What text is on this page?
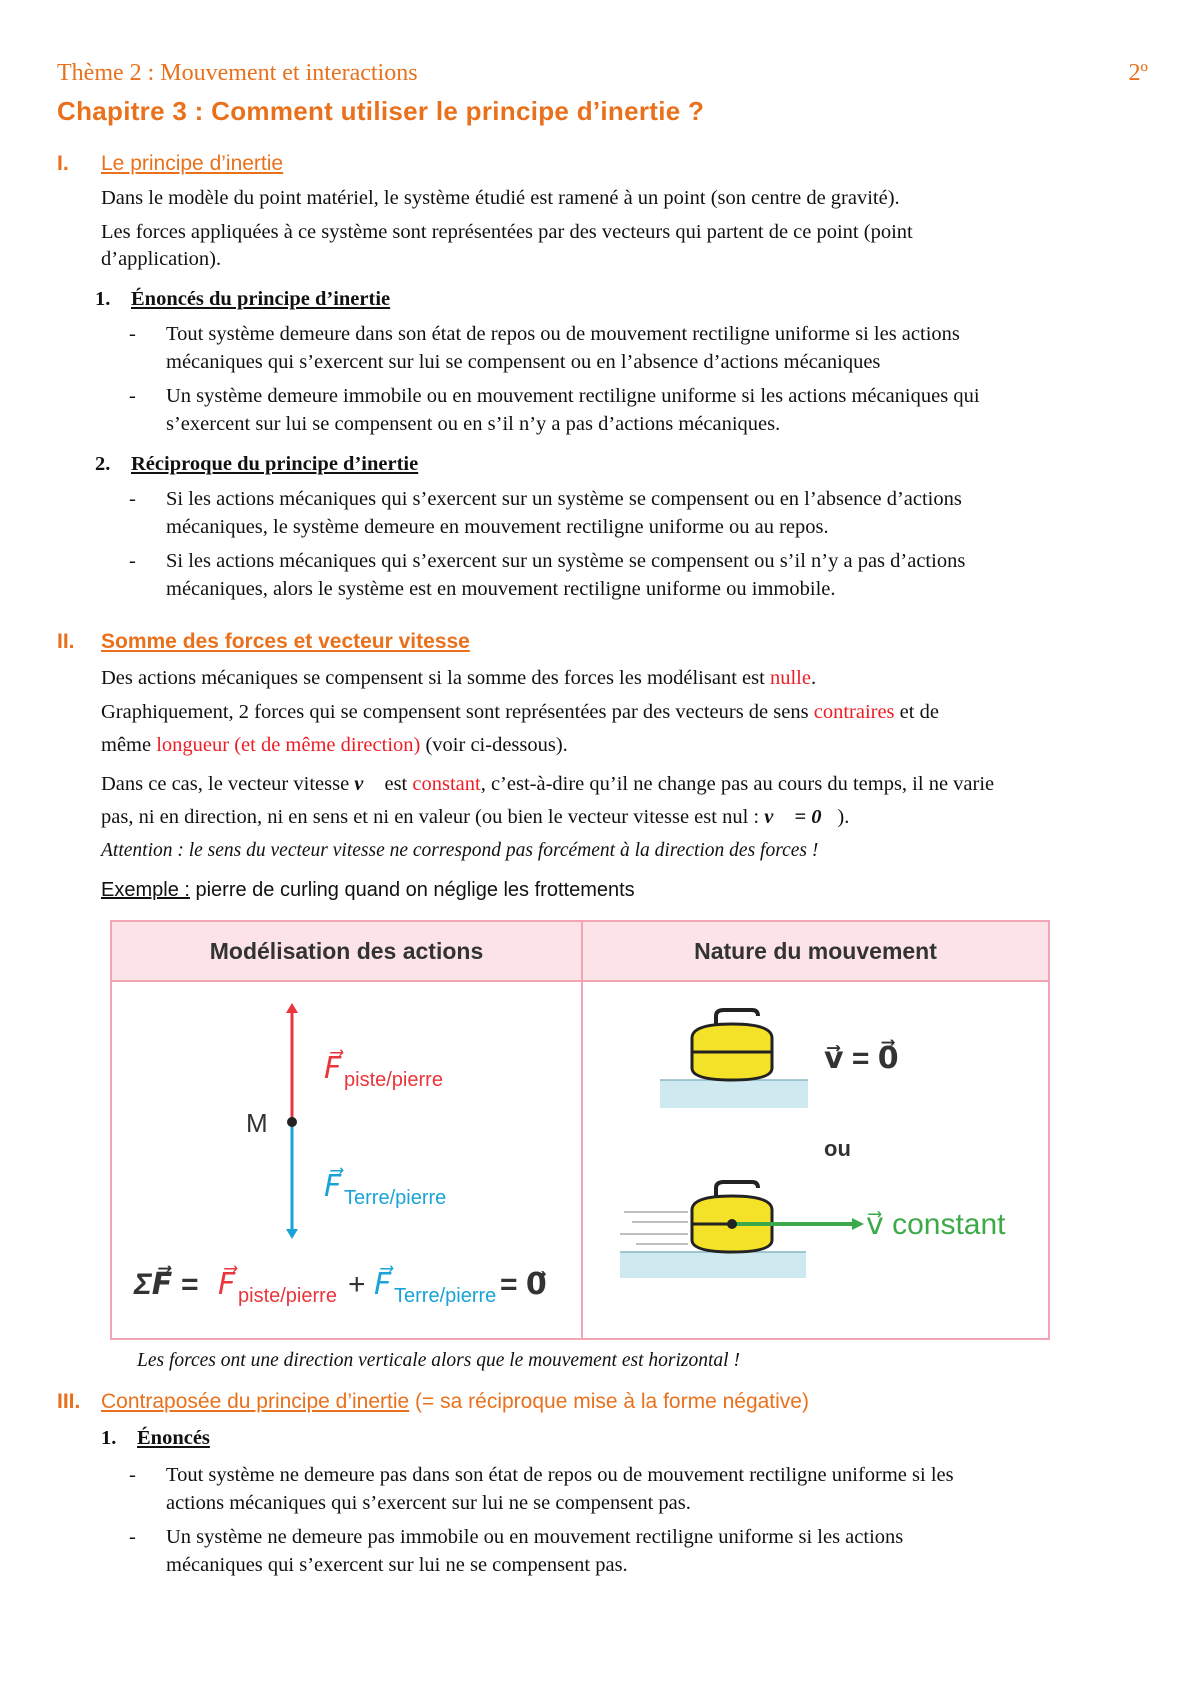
Thème 2 : Mouvement et interactions	2º
Chapitre 3 : Comment utiliser le principe d’inertie ?
I. Le principe d’inertie
Dans le modèle du point matériel, le système étudié est ramené à un point (son centre de gravité).
Les forces appliquées à ce système sont représentées par des vecteurs qui partent de ce point (point
d’application).
1. Énoncés du principe d’inertie
- Tout système demeure dans son état de repos ou de mouvement rectiligne uniforme si les actions
mécaniques qui s’exercent sur lui se compensent ou en l’absence d’actions mécaniques
- Un système demeure immobile ou en mouvement rectiligne uniforme si les actions mécaniques qui
s’exercent sur lui se compensent ou en s’il n’y a pas d’actions mécaniques.
2. Réciproque du principe d’inertie
- Si les actions mécaniques qui s’exercent sur un système se compensent ou en l’absence d’actions
mécaniques, le système demeure en mouvement rectiligne uniforme ou au repos.
- Si les actions mécaniques qui s’exercent sur un système se compensent ou s’il n’y a pas d’actions
mécaniques, alors le système est en mouvement rectiligne uniforme ou immobile.
II. Somme des forces et vecteur vitesse
Des actions mécaniques se compensent si la somme des forces les modélisant est nulle.
Graphiquement, 2 forces qui se compensent sont représentées par des vecteurs de sens contraires et de
même longueur (et de même direction) (voir ci-dessous).
Dans ce cas, le vecteur vitesse v⃗ est constant, c’est-à-dire qu’il ne change pas au cours du temps, il ne varie
pas, ni en direction, ni en sens et ni en valeur (ou bien le vecteur vitesse est nul : v⃗ = 0⃗).
Attention : le sens du vecteur vitesse ne correspond pas forcément à la direction des forces !
Exemple : pierre de curling quand on néglige les frottements
Modélisation des actions	Nature du mouvement
M
F⃗ piste/pierre
F⃗ Terre/pierre
ΣF⃗ = F⃗ piste/pierre + F⃗ Terre/pierre = 0⃗
v⃗ = 0⃗
ou
v⃗ constant
Les forces ont une direction verticale alors que le mouvement est horizontal !
III. Contraposée du principe d’inertie (= sa réciproque mise à la forme négative)
1. Énoncés
- Tout système ne demeure pas dans son état de repos ou de mouvement rectiligne uniforme si les
actions mécaniques qui s’exercent sur lui ne se compensent pas.
- Un système ne demeure pas immobile ou en mouvement rectiligne uniforme si les actions
mécaniques qui s’exercent sur lui ne se compensent pas.
